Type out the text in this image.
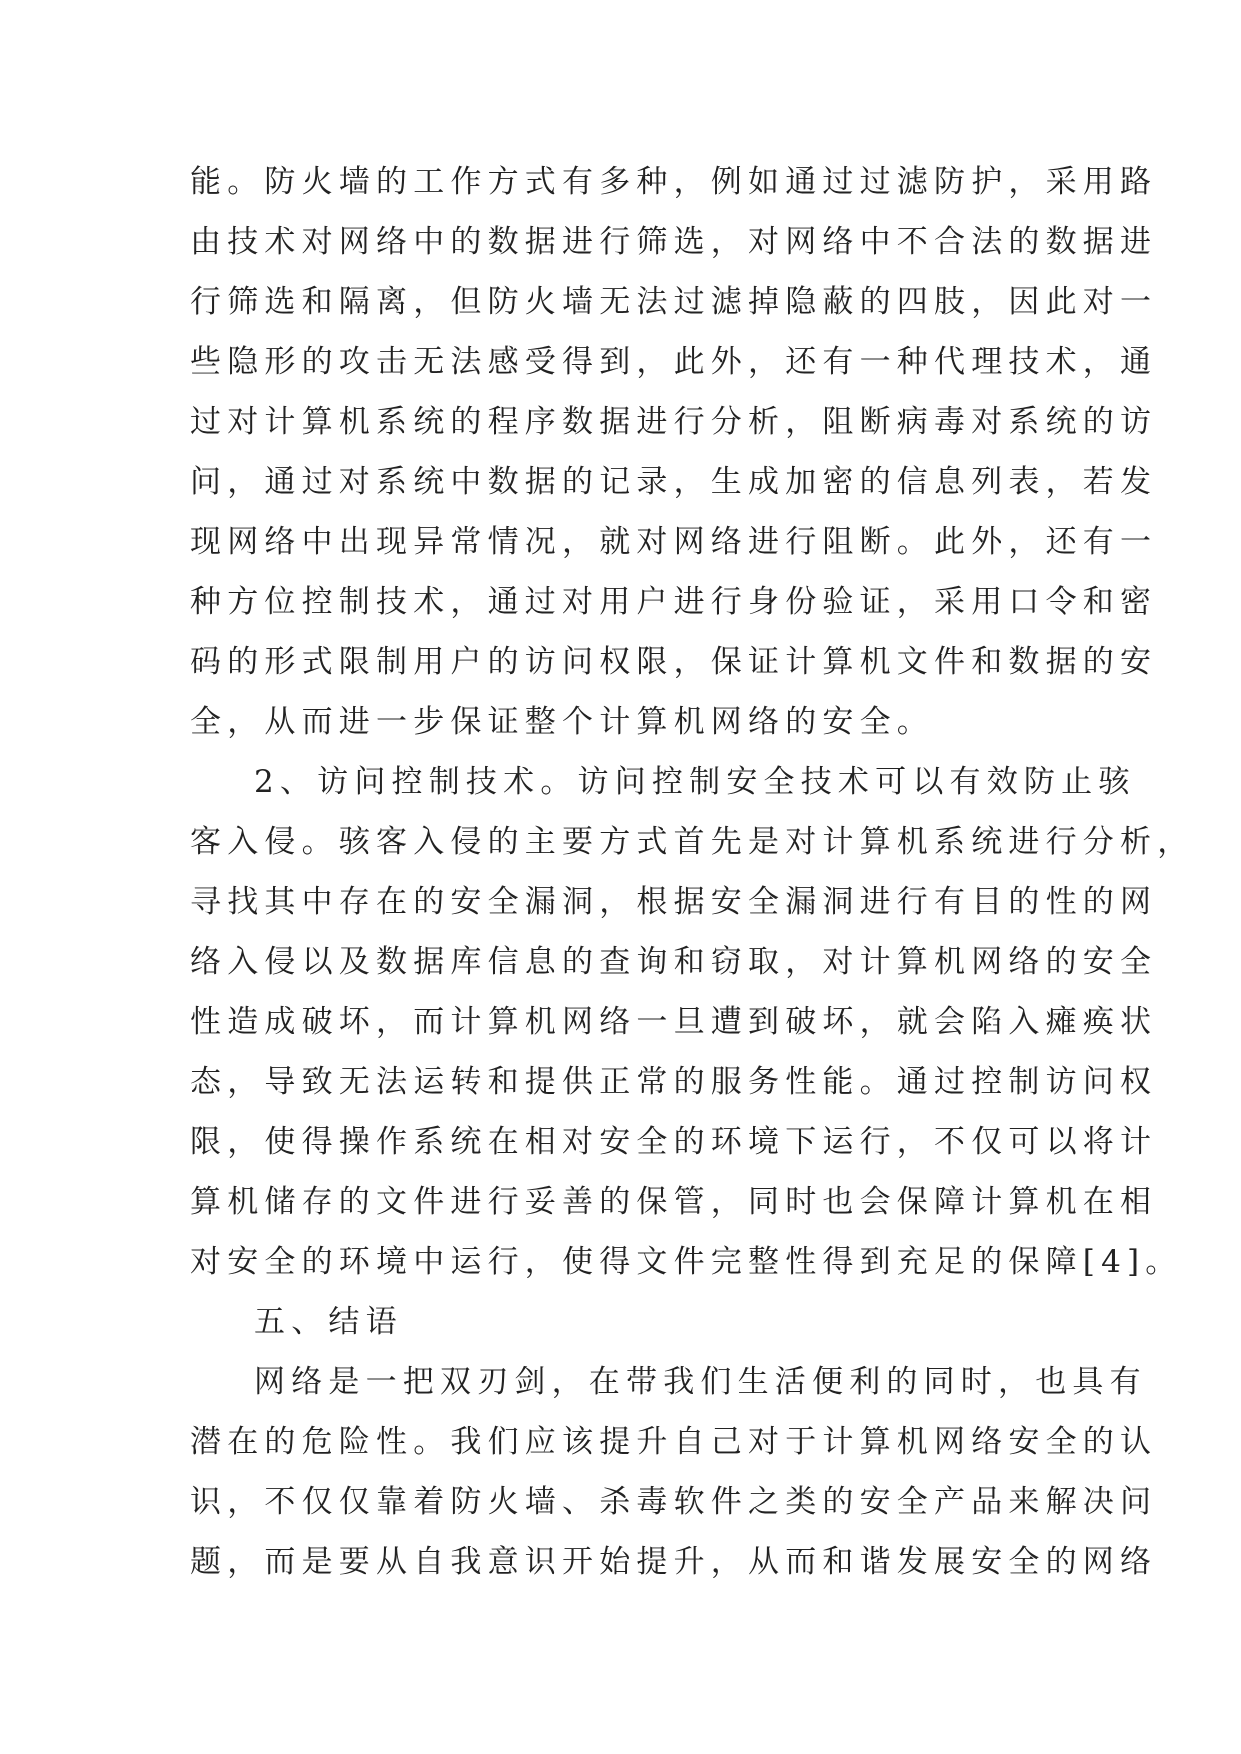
能。防火墙的工作方式有多种，例如通过过滤防护，采用路
由技术对网络中的数据进行筛选，对网络中不合法的数据进
行筛选和隔离，但防火墙无法过滤掉隐蔽的四肢，因此对一
些隐形的攻击无法感受得到，此外，还有一种代理技术，通
过对计算机系统的程序数据进行分析，阻断病毒对系统的访
问，通过对系统中数据的记录，生成加密的信息列表，若发
现网络中出现异常情况，就对网络进行阻断。此外，还有一
种方位控制技术，通过对用户进行身份验证，采用口令和密
码的形式限制用户的访问权限，保证计算机文件和数据的安
全，从而进一步保证整个计算机网络的安全。
2、访问控制技术。访问控制安全技术可以有效防止骇
客入侵。骇客入侵的主要方式首先是对计算机系统进行分析，
寻找其中存在的安全漏洞，根据安全漏洞进行有目的性的网
络入侵以及数据库信息的查询和窃取，对计算机网络的安全
性造成破坏，而计算机网络一旦遭到破坏，就会陷入瘫痪状
态，导致无法运转和提供正常的服务性能。通过控制访问权
限，使得操作系统在相对安全的环境下运行，不仅可以将计
算机储存的文件进行妥善的保管，同时也会保障计算机在相
对安全的环境中运行，使得文件完整性得到充足的保障[4]。
五、结语
网络是一把双刃剑，在带我们生活便利的同时，也具有
潜在的危险性。我们应该提升自己对于计算机网络安全的认
识，不仅仅靠着防火墙、杀毒软件之类的安全产品来解决问
题，而是要从自我意识开始提升，从而和谐发展安全的网络
